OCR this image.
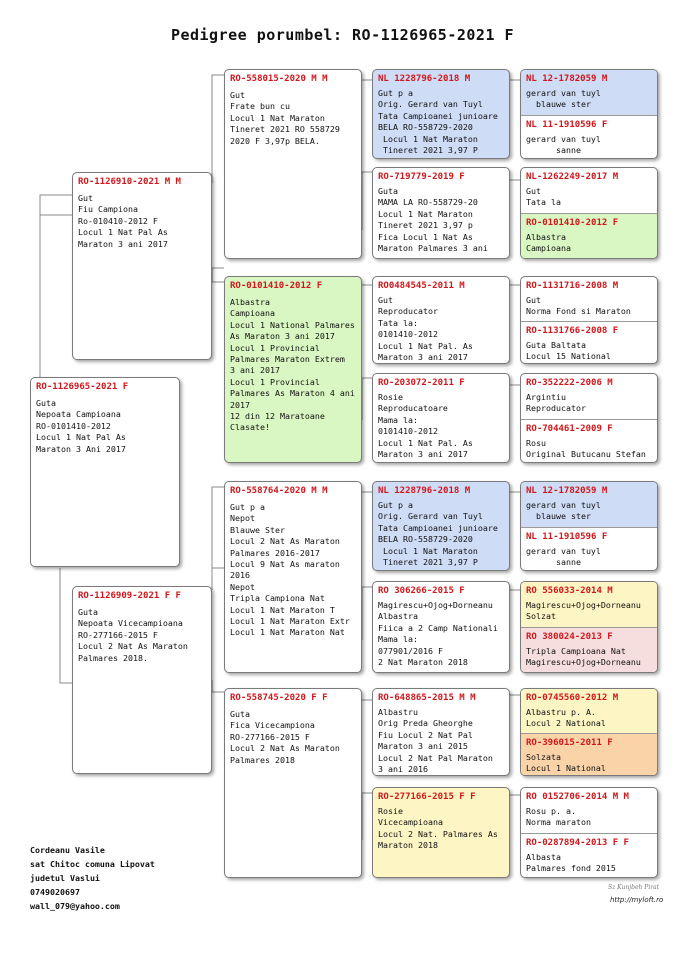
Pedigree porumbel: RO-1126965-2021 F
RO-1126965-2021 F
Guta
Nepoata Campioana
RO-0101410-2012
Locul 1 Nat Pal As
Maraton 3 Ani 2017
RO-1126910-2021 M M
Gut
Fiu Campiona
Ro-010410-2012 F
Locul 1 Nat Pal As
Maraton 3 ani 2017
RO-1126909-2021 F F
Guta
Nepoata Vicecampioana
RO-277166-2015 F
Locul 2 Nat As Maraton
Palmares 2018.
RO-558015-2020 M M
Gut
Frate bun cu
Locul 1 Nat Maraton
Tineret 2021 RO 558729
2020 F 3,97p BELA.
RO-0101410-2012 F
Albastra
Campioana
Locul 1 National Palmares
As Maraton 3 ani 2017
Locul 1 Provincial
Palmares Maraton Extrem
3 ani 2017
Locul 1 Provincial
Palmares As Maraton 4 ani
2017
12 din 12 Maratoane
Clasate!
RO-558764-2020 M M
Gut p a
Nepot
Blauwe Ster
Locul 2 Nat As Maraton
Palmares 2016-2017
Locul 9 Nat As maraton
2016
Nepot
Tripla Campiona Nat
Locul 1 Nat Maraton T
Locul 1 Nat Maraton Extr
Locul 1 Nat Maraton Nat
RO-558745-2020 F F
Guta
Fica Vicecampiona
RO-277166-2015 F
Locul 2 Nat As Maraton
Palmares 2018
NL 1228796-2018 M
Gut p a
Orig. Gerard van Tuyl
Tata Campioanei junioare
BELA RO-558729-2020
Locul 1 Nat Maraton
Tineret 2021 3,97 P
RO-719779-2019 F
Guta
MAMA LA RO-558729-20
Locul 1 Nat Maraton
Tineret 2021 3,97 p
Fica Locul 1 Nat As
Maraton Palmares 3 ani
RO0484545-2011 M
Gut
Reproducator
Tata la:
0101410-2012
Locul 1 Nat Pal. As
Maraton 3 ani 2017
RO-203072-2011 F
Rosie
Reproducatoare
Mama la:
0101410-2012
Locul 1 Nat Pal. As
Maraton 3 ani 2017
NL 1228796-2018 M
Gut p a
Orig. Gerard van Tuyl
Tata Campioanei junioare
BELA RO-558729-2020
Locul 1 Nat Maraton
Tineret 2021 3,97 P
RO 306266-2015 F
Magirescu+Ojog+Dorneanu
Albastra
Fiica a 2 Camp Nationali
Mama la:
077901/2016 F
2 Nat Maraton 2018
RO-648865-2015 M M
Albastru
Orig Preda Gheorghe
Fiu Locul 2 Nat Pal
Maraton 3 ani 2015
Locul 2 Nat Pal Maraton
3 ani 2016
RO-277166-2015 F F
Rosie
Vicecampioana
Locul 2 Nat. Palmares As
Maraton 2018
NL 12-1782059 M
gerard van tuyl
blauwe ster
NL 11-1910596 F
gerard van tuyl
sanne
NL-1262249-2017 M
Gut
Tata la
RO-0101410-2012 F
Albastra
Campioana
RO-1131716-2008 M
Gut
Norma Fond si Maraton
RO-1131766-2008 F
Guta Baltata
Locul 15 National
RO-352222-2006 M
Argintiu
Reproducator
RO-704461-2009 F
Rosu
Original Butucanu Stefan
NL 12-1782059 M
gerard van tuyl
blauwe ster
NL 11-1910596 F
gerard van tuyl
sanne
RO 556033-2014 M
Magirescu+Ojog+Dorneanu
Solzat
RO 380024-2013 F
Tripla Campioana Nat
Magirescu+Ojog+Dorneanu
RO-0745560-2012 M
Albastru p. A.
Locul 2 National
RO-396015-2011 F
Solzata
Locul 1 National
RO 0152706-2014 M M
Rosu p. a.
Norma maraton
RO-0287894-2013 F F
Albasta
Palmares fond 2015
Cordeanu Vasile
sat Chitoc comuna Lipovat
judetul Vaslui
0749020697
wall_079@yahoo.com
Sz Kunjbeh Pirat
http://myloft.ro
